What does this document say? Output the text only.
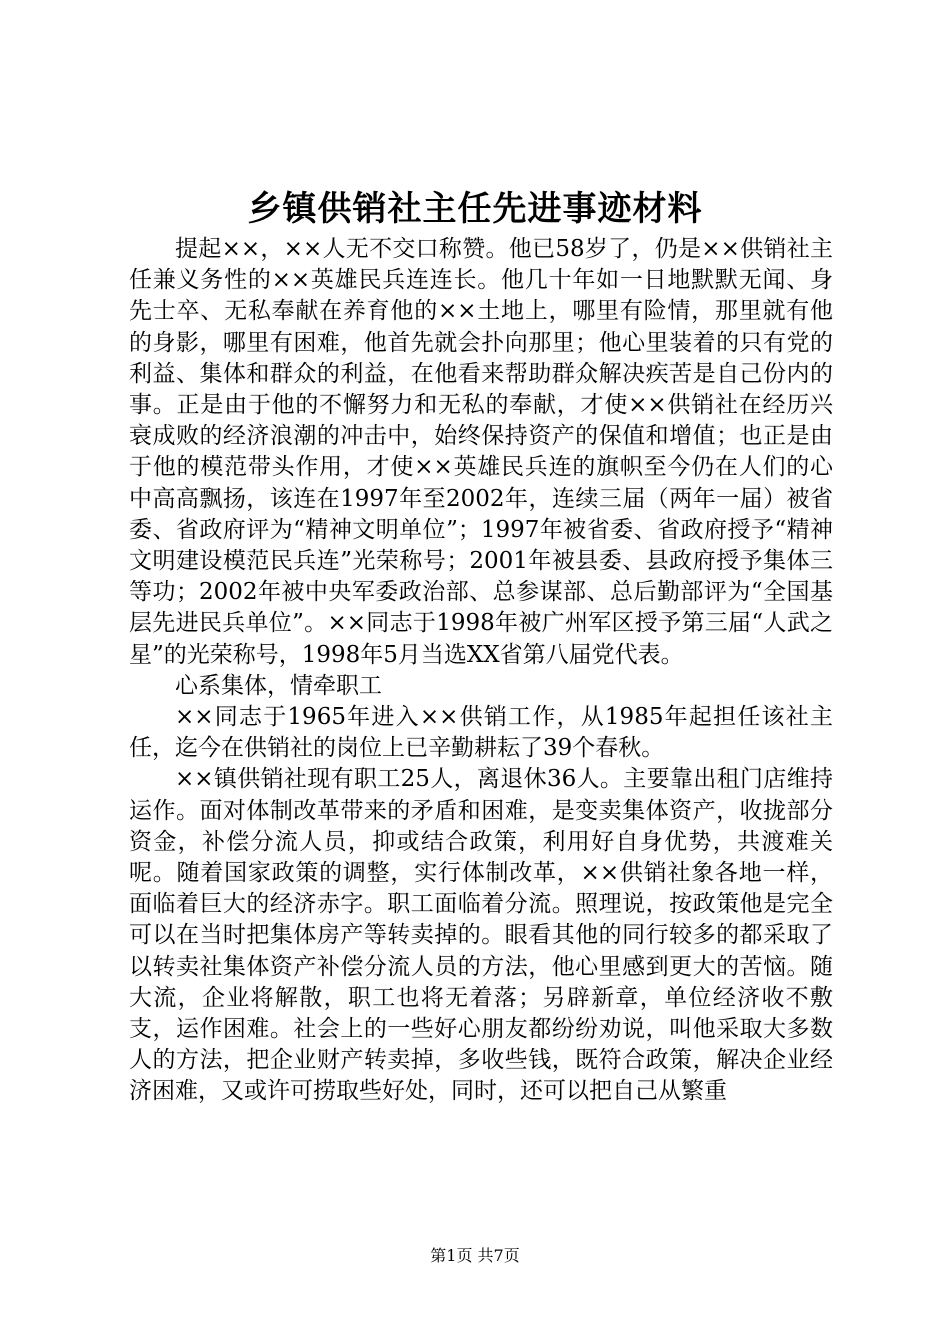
乡镇供销社主任先进事迹材料

提起××，××人无不交口称赞。他已58岁了，仍是××供销社主任兼义务性的××英雄民兵连连长。他几十年如一日地默默无闻、身先士卒、无私奉献在养育他的××土地上，哪里有险情，那里就有他的身影，哪里有困难，他首先就会扑向那里；他心里装着的只有党的利益、集体和群众的利益，在他看来帮助群众解决疾苦是自己份内的事。正是由于他的不懈努力和无私的奉献，才使××供销社在经历兴衰成败的经济浪潮的冲击中，始终保持资产的保值和增值；也正是由于他的模范带头作用，才使××英雄民兵连的旗帜至今仍在人们的心中高高飘扬，该连在1997年至2002年，连续三届（两年一届）被省委、省政府评为“精神文明单位”；1997年被省委、省政府授予“精神文明建设模范民兵连”光荣称号；2001年被县委、县政府授予集体三等功；2002年被中央军委政治部、总参谋部、总后勤部评为“全国基层先进民兵单位”。××同志于1998年被广州军区授予第三届“人武之星”的光荣称号，1998年5月当选XX省第八届党代表。

心系集体，情牵职工

××同志于1965年进入××供销工作，从1985年起担任该社主任，迄今在供销社的岗位上已辛勤耕耘了39个春秋。

××镇供销社现有职工25人，离退休36人。主要靠出租门店维持运作。面对体制改革带来的矛盾和困难，是变卖集体资产，收拢部分资金，补偿分流人员，抑或结合政策，利用好自身优势，共渡难关呢。随着国家政策的调整，实行体制改革，××供销社象各地一样，面临着巨大的经济赤字。职工面临着分流。照理说，按政策他是完全可以在当时把集体房产等转卖掉的。眼看其他的同行较多的都采取了以转卖社集体资产补偿分流人员的方法，他心里感到更大的苦恼。随大流，企业将解散，职工也将无着落；另辟新章，单位经济收不敷支，运作困难。社会上的一些好心朋友都纷纷劝说，叫他采取大多数人的方法，把企业财产转卖掉，多收些钱，既符合政策，解决企业经济困难，又或许可捞取些好处，同时，还可以把自己从繁重

第1页 共7页
